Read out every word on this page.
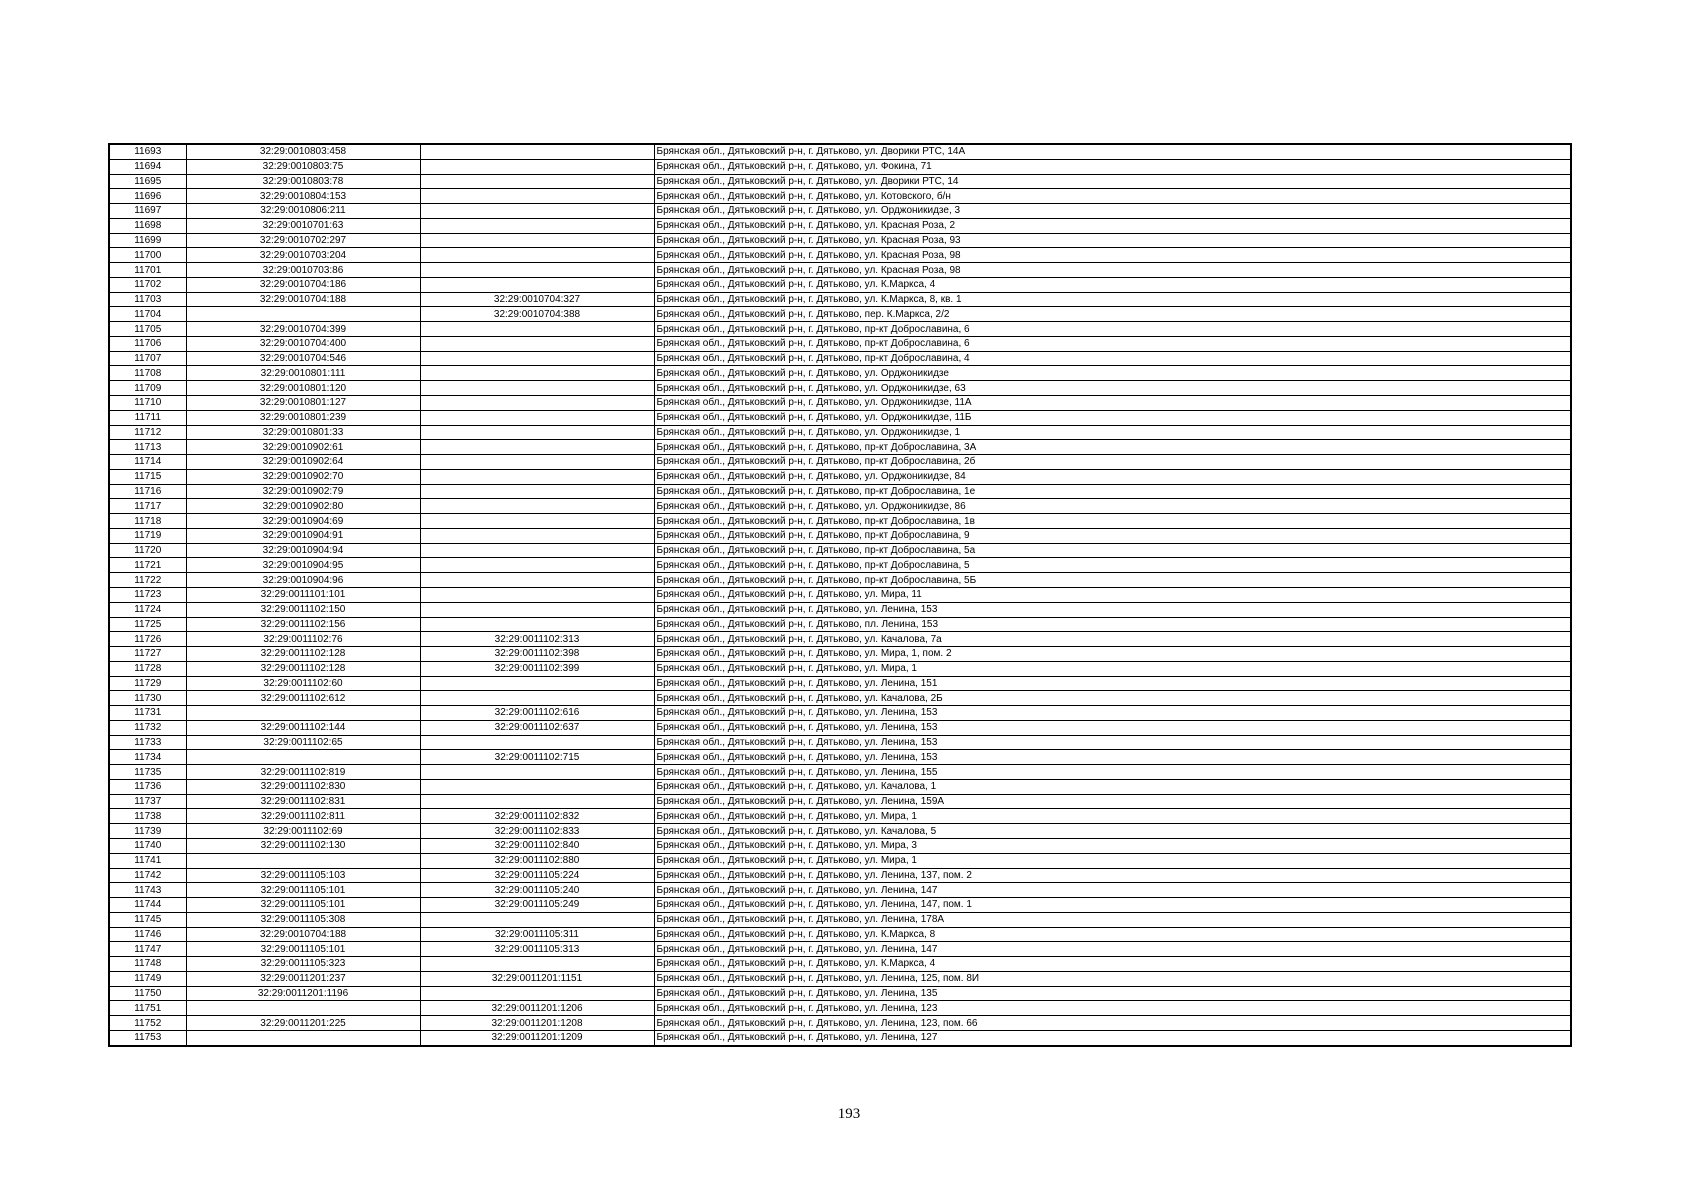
11693	32:29:0010803:458		Брянская обл., Дятьковский р-н, г. Дятьково, ул. Дворики РТС, 14А
11694	32:29:0010803:75		Брянская обл., Дятьковский р-н, г. Дятьково, ул. Фокина, 71
11695	32:29:0010803:78		Брянская обл., Дятьковский р-н, г. Дятьково, ул. Дворики РТС, 14
11696	32:29:0010804:153		Брянская обл., Дятьковский р-н, г. Дятьково, ул. Котовского, б/н
11697	32:29:0010806:211		Брянская обл., Дятьковский р-н, г. Дятьково, ул. Орджоникидзе, 3
11698	32:29:0010701:63		Брянская обл., Дятьковский р-н, г. Дятьково, ул. Красная Роза, 2
11699	32:29:0010702:297		Брянская обл., Дятьковский р-н, г. Дятьково, ул. Красная Роза, 93
11700	32:29:0010703:204		Брянская обл., Дятьковский р-н, г. Дятьково, ул. Красная Роза, 98
11701	32:29:0010703:86		Брянская обл., Дятьковский р-н, г. Дятьково, ул. Красная Роза, 98
11702	32:29:0010704:186		Брянская обл., Дятьковский р-н, г. Дятьково, ул. К.Маркса, 4
11703	32:29:0010704:188	32:29:0010704:327	Брянская обл., Дятьковский р-н, г. Дятьково, ул. К.Маркса, 8, кв. 1
11704		32:29:0010704:388	Брянская обл., Дятьковский р-н, г. Дятьково, пер. К.Маркса, 2/2
11705	32:29:0010704:399		Брянская обл., Дятьковский р-н, г. Дятьково, пр-кт Доброславина, 6
11706	32:29:0010704:400		Брянская обл., Дятьковский р-н, г. Дятьково, пр-кт Доброславина, 6
11707	32:29:0010704:546		Брянская обл., Дятьковский р-н, г. Дятьково, пр-кт Доброславина, 4
11708	32:29:0010801:111		Брянская обл., Дятьковский р-н, г. Дятьково, ул. Орджоникидзе
11709	32:29:0010801:120		Брянская обл., Дятьковский р-н, г. Дятьково, ул. Орджоникидзе, 63
11710	32:29:0010801:127		Брянская обл., Дятьковский р-н, г. Дятьково, ул. Орджоникидзе, 11А
11711	32:29:0010801:239		Брянская обл., Дятьковский р-н, г. Дятьково, ул. Орджоникидзе, 11Б
11712	32:29:0010801:33		Брянская обл., Дятьковский р-н, г. Дятьково, ул. Орджоникидзе, 1
11713	32:29:0010902:61		Брянская обл., Дятьковский р-н, г. Дятьково, пр-кт Доброславина, 3А
11714	32:29:0010902:64		Брянская обл., Дятьковский р-н, г. Дятьково, пр-кт Доброславина, 2б
11715	32:29:0010902:70		Брянская обл., Дятьковский р-н, г. Дятьково, ул. Орджоникидзе, 84
11716	32:29:0010902:79		Брянская обл., Дятьковский р-н, г. Дятьково, пр-кт Доброславина, 1е
11717	32:29:0010902:80		Брянская обл., Дятьковский р-н, г. Дятьково, ул. Орджоникидзе, 86
11718	32:29:0010904:69		Брянская обл., Дятьковский р-н, г. Дятьково, пр-кт Доброславина, 1в
11719	32:29:0010904:91		Брянская обл., Дятьковский р-н, г. Дятьково, пр-кт Доброславина, 9
11720	32:29:0010904:94		Брянская обл., Дятьковский р-н, г. Дятьково, пр-кт Доброславина, 5а
11721	32:29:0010904:95		Брянская обл., Дятьковский р-н, г. Дятьково, пр-кт Доброславина, 5
11722	32:29:0010904:96		Брянская обл., Дятьковский р-н, г. Дятьково, пр-кт Доброславина, 5Б
11723	32:29:0011101:101		Брянская обл., Дятьковский р-н, г. Дятьково, ул. Мира, 11
11724	32:29:0011102:150		Брянская обл., Дятьковский р-н, г. Дятьково, ул. Ленина, 153
11725	32:29:0011102:156		Брянская обл., Дятьковский р-н, г. Дятьково, пл. Ленина, 153
11726	32:29:0011102:76	32:29:0011102:313	Брянская обл., Дятьковский р-н, г. Дятьково, ул. Качалова, 7а
11727	32:29:0011102:128	32:29:0011102:398	Брянская обл., Дятьковский р-н, г. Дятьково, ул. Мира, 1, пом. 2
11728	32:29:0011102:128	32:29:0011102:399	Брянская обл., Дятьковский р-н, г. Дятьково, ул. Мира, 1
11729	32:29:0011102:60		Брянская обл., Дятьковский р-н, г. Дятьково, ул. Ленина, 151
11730	32:29:0011102:612		Брянская обл., Дятьковский р-н, г. Дятьково, ул. Качалова, 2Б
11731		32:29:0011102:616	Брянская обл., Дятьковский р-н, г. Дятьково, ул. Ленина, 153
11732	32:29:0011102:144	32:29:0011102:637	Брянская обл., Дятьковский р-н, г. Дятьково, ул. Ленина, 153
11733	32:29:0011102:65		Брянская обл., Дятьковский р-н, г. Дятьково, ул. Ленина, 153
11734		32:29:0011102:715	Брянская обл., Дятьковский р-н, г. Дятьково, ул. Ленина, 153
11735	32:29:0011102:819		Брянская обл., Дятьковский р-н, г. Дятьково, ул. Ленина, 155
11736	32:29:0011102:830		Брянская обл., Дятьковский р-н, г. Дятьково, ул. Качалова, 1
11737	32:29:0011102:831		Брянская обл., Дятьковский р-н, г. Дятьково, ул. Ленина, 159А
11738	32:29:0011102:811	32:29:0011102:832	Брянская обл., Дятьковский р-н, г. Дятьково, ул. Мира, 1
11739	32:29:0011102:69	32:29:0011102:833	Брянская обл., Дятьковский р-н, г. Дятьково, ул. Качалова, 5
11740	32:29:0011102:130	32:29:0011102:840	Брянская обл., Дятьковский р-н, г. Дятьково, ул. Мира, 3
11741		32:29:0011102:880	Брянская обл., Дятьковский р-н, г. Дятьково, ул. Мира, 1
11742	32:29:0011105:103	32:29:0011105:224	Брянская обл., Дятьковский р-н, г. Дятьково, ул. Ленина, 137, пом. 2
11743	32:29:0011105:101	32:29:0011105:240	Брянская обл., Дятьковский р-н, г. Дятьково, ул. Ленина, 147
11744	32:29:0011105:101	32:29:0011105:249	Брянская обл., Дятьковский р-н, г. Дятьково, ул. Ленина, 147, пом. 1
11745	32:29:0011105:308		Брянская обл., Дятьковский р-н, г. Дятьково, ул. Ленина, 178А
11746	32:29:0010704:188	32:29:0011105:311	Брянская обл., Дятьковский р-н, г. Дятьково, ул. К.Маркса, 8
11747	32:29:0011105:101	32:29:0011105:313	Брянская обл., Дятьковский р-н, г. Дятьково, ул. Ленина, 147
11748	32:29:0011105:323		Брянская обл., Дятьковский р-н, г. Дятьково, ул. К.Маркса, 4
11749	32:29:0011201:237	32:29:0011201:1151	Брянская обл., Дятьковский р-н, г. Дятьково, ул. Ленина, 125, пом. 8И
11750	32:29:0011201:1196		Брянская обл., Дятьковский р-н, г. Дятьково, ул. Ленина, 135
11751		32:29:0011201:1206	Брянская обл., Дятьковский р-н, г. Дятьково, ул. Ленина, 123
11752	32:29:0011201:225	32:29:0011201:1208	Брянская обл., Дятьковский р-н, г. Дятьково, ул. Ленина, 123, пом. 66
11753		32:29:0011201:1209	Брянская обл., Дятьковский р-н, г. Дятьково, ул. Ленина, 127
193
